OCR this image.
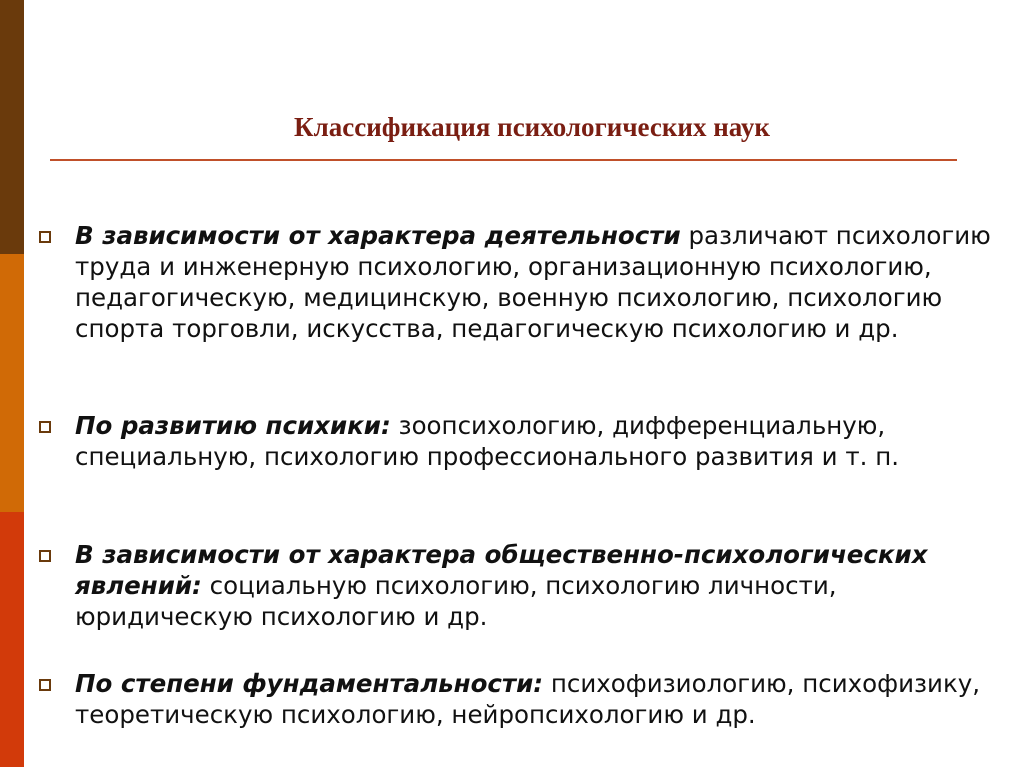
Классификация психологических наук
В зависимости от характера деятельности различают психологию труда и инженерную психологию, организационную психологию, педагогическую, медицинскую, военную психологию, психологию спорта торговли, искусства, педагогическую психологию и др.
По развитию психики: зоопсихологию, дифференциальную, специальную, психологию профессионального развития и т. п.
В зависимости от характера общественно-психологических явлений: социальную психологию, психологию личности, юридическую психологию и др.
По степени фундаментальности: психофизиологию, психофизику, теоретическую психологию, нейропсихологию и др.
